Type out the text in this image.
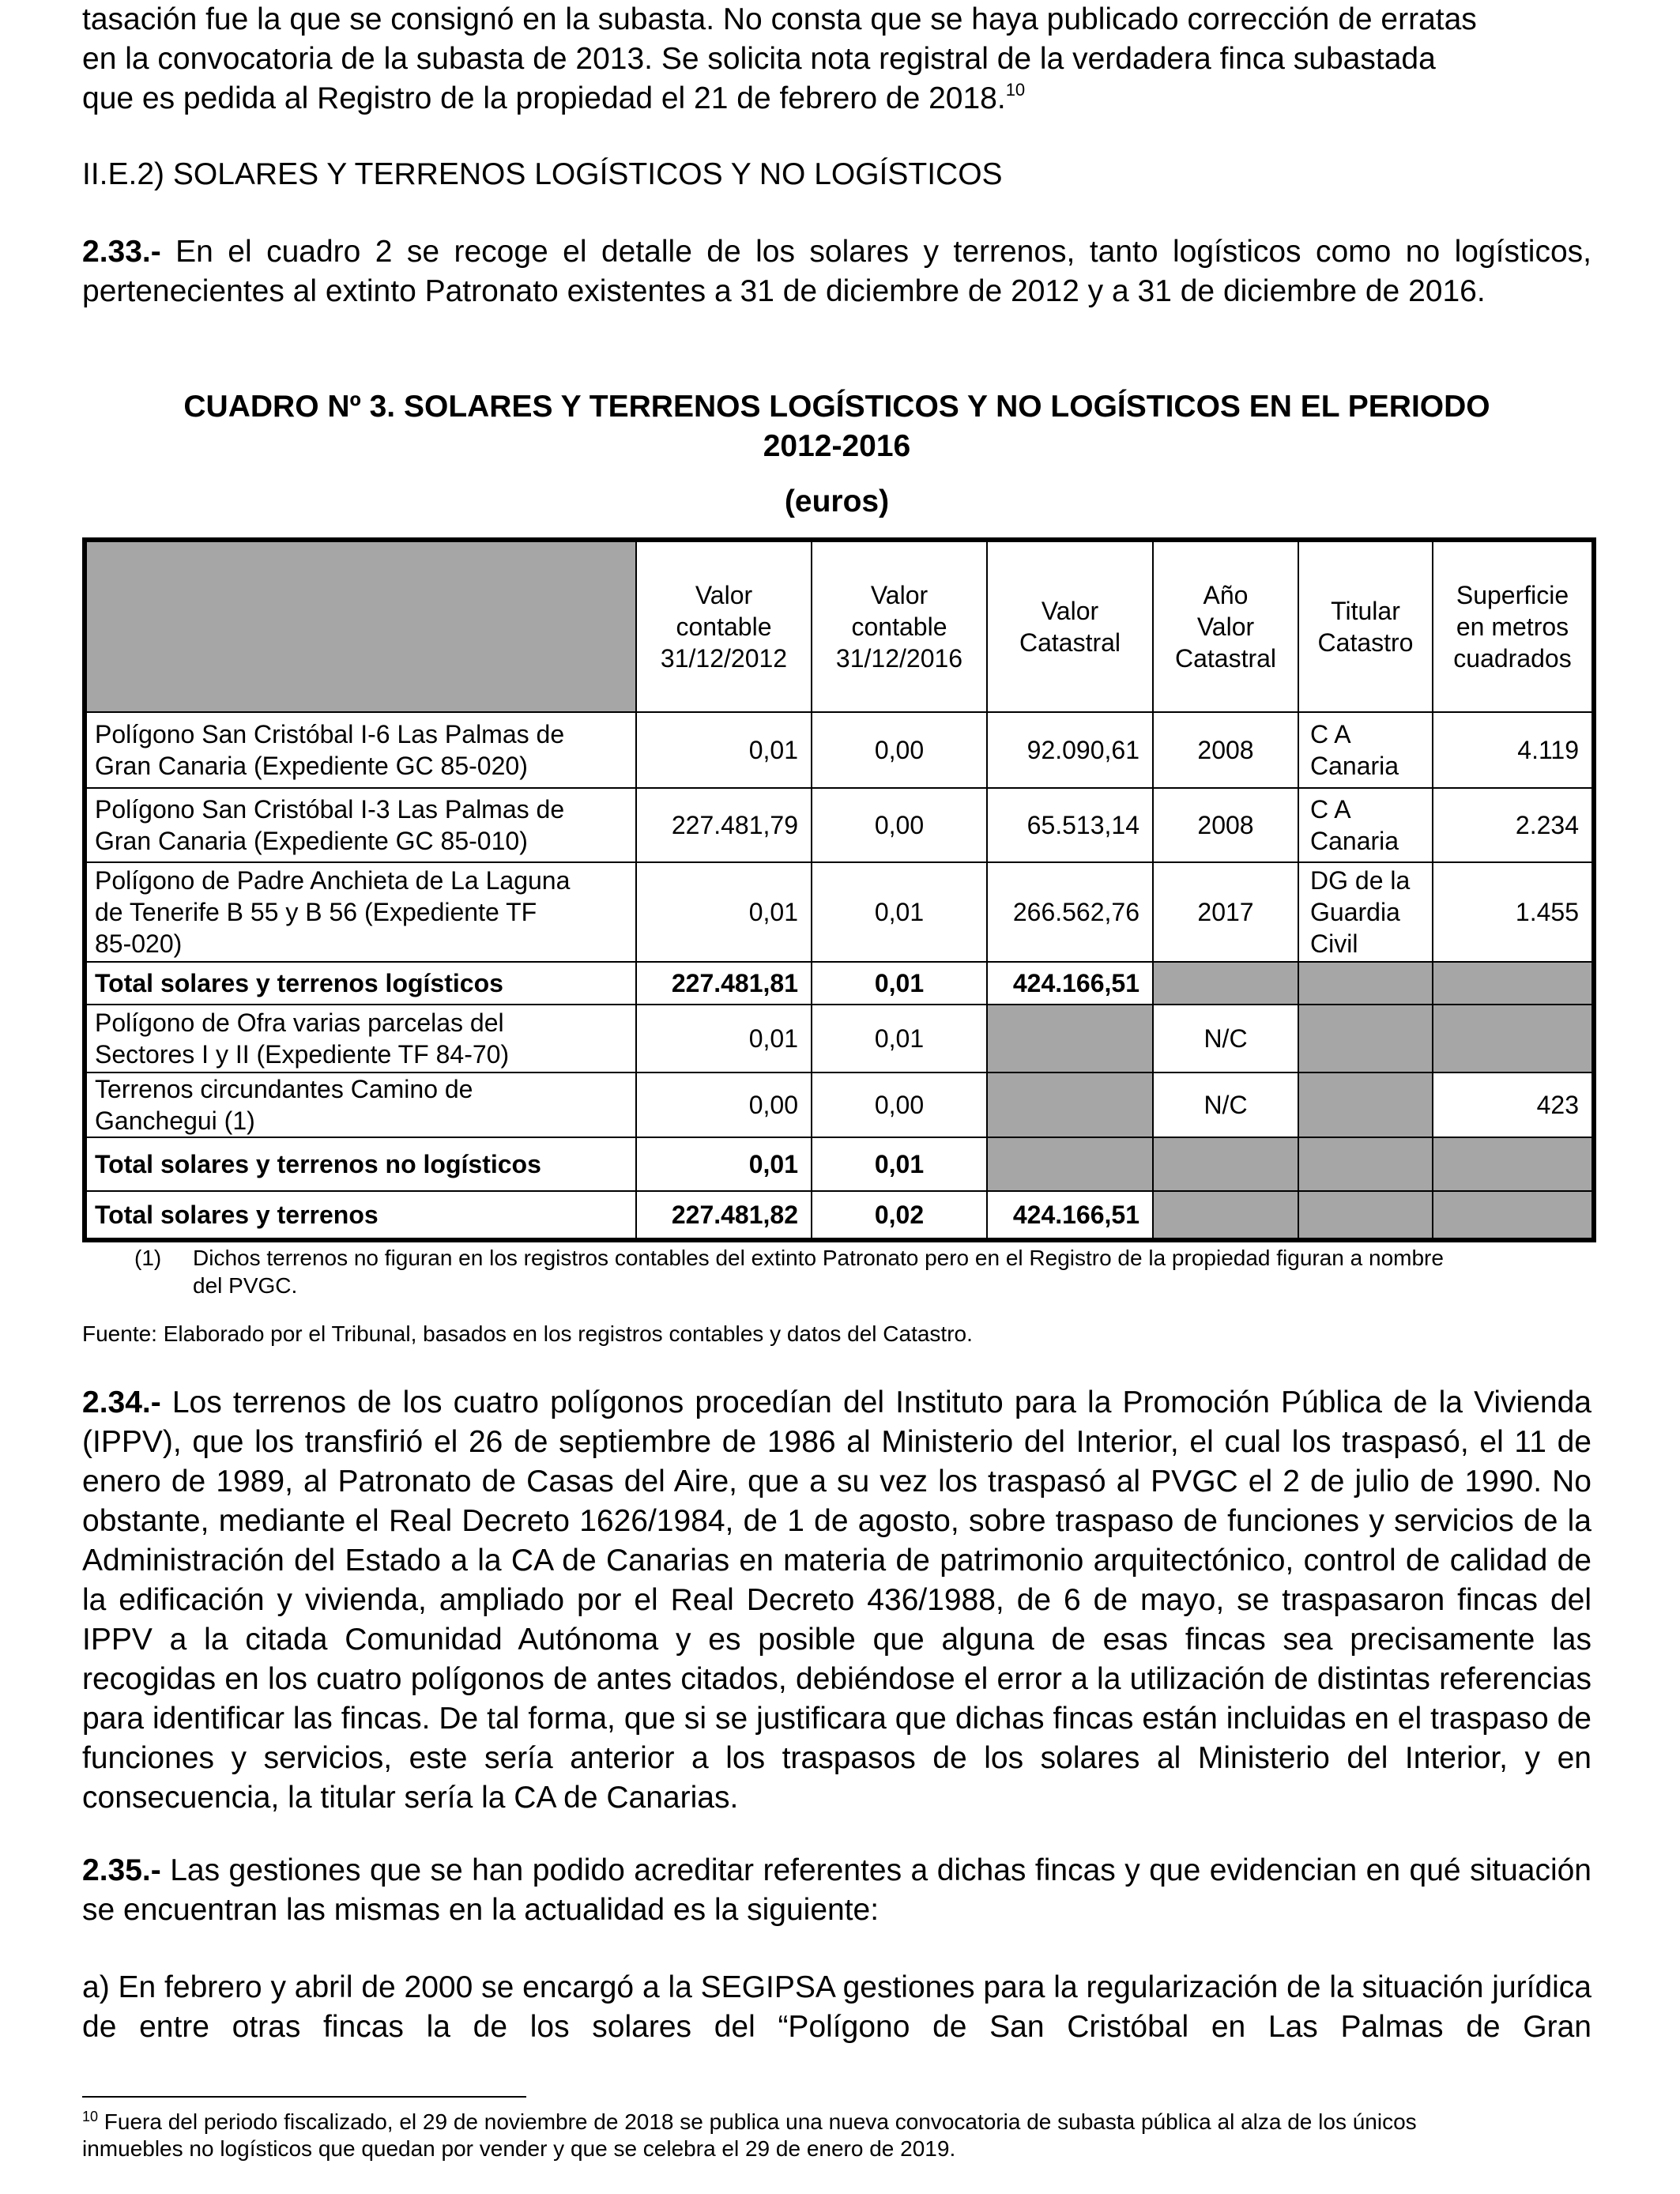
tasación fue la que se consignó en la subasta. No consta que se haya publicado corrección de erratas
en la convocatoria de la subasta de 2013. Se solicita nota registral de la verdadera finca subastada
que es pedida al Registro de la propiedad el 21 de febrero de 2018.10

II.E.2) SOLARES Y TERRENOS LOGÍSTICOS Y NO LOGÍSTICOS

2.33.- En el cuadro 2 se recoge el detalle de los solares y terrenos, tanto logísticos como no logísticos, pertenecientes al extinto Patronato existentes a 31 de diciembre de 2012 y a 31 de diciembre de 2016.

CUADRO Nº 3. SOLARES Y TERRENOS LOGÍSTICOS Y NO LOGÍSTICOS EN EL PERIODO
2012-2016

(euros)

	Valor
contable
31/12/2012	Valor
contable
31/12/2016	Valor
Catastral	Año
Valor
Catastral	Titular
Catastro	Superficie
en metros
cuadrados
Polígono San Cristóbal I-6 Las Palmas de
Gran Canaria (Expediente GC 85-020)	0,01	0,00	92.090,61	2008	C A
Canaria	4.119
Polígono San Cristóbal I-3 Las Palmas de
Gran Canaria (Expediente GC 85-010)	227.481,79	0,00	65.513,14	2008	C A
Canaria	2.234
Polígono de Padre Anchieta de La Laguna
de Tenerife B 55 y B 56 (Expediente TF
85-020)	0,01	0,01	266.562,76	2017	DG de la
Guardia
Civil	1.455
Total solares y terrenos logísticos	227.481,81	0,01	424.166,51			
Polígono de Ofra varias parcelas del
Sectores I y II (Expediente TF 84-70)	0,01	0,01		N/C		
Terrenos circundantes Camino de
Ganchegui (1)	0,00	0,00		N/C		423
Total solares y terrenos no logísticos	0,01	0,01				
Total solares y terrenos	227.481,82	0,02	424.166,51			
(1) Dichos terrenos no figuran en los registros contables del extinto Patronato pero en el Registro de la propiedad figuran a nombre
del PVGC.

Fuente: Elaborado por el Tribunal, basados en los registros contables y datos del Catastro.

2.34.- Los terrenos de los cuatro polígonos procedían del Instituto para la Promoción Pública de la Vivienda (IPPV), que los transfirió el 26 de septiembre de 1986 al Ministerio del Interior, el cual los traspasó, el 11 de enero de 1989, al Patronato de Casas del Aire, que a su vez los traspasó al PVGC el 2 de julio de 1990. No obstante, mediante el Real Decreto 1626/1984, de 1 de agosto, sobre traspaso de funciones y servicios de la Administración del Estado a la CA de Canarias en materia de patrimonio arquitectónico, control de calidad de la edificación y vivienda, ampliado por el Real Decreto 436/1988, de 6 de mayo, se traspasaron fincas del IPPV a la citada Comunidad Autónoma y es posible que alguna de esas fincas sea precisamente las recogidas en los cuatro polígonos de antes citados, debiéndose el error a la utilización de distintas referencias para identificar las fincas. De tal forma, que si se justificara que dichas fincas están incluidas en el traspaso de funciones y servicios, este sería anterior a los traspasos de los solares al Ministerio del Interior, y en consecuencia, la titular sería la CA de Canarias.

2.35.- Las gestiones que se han podido acreditar referentes a dichas fincas y que evidencian en qué situación se encuentran las mismas en la actualidad es la siguiente:

a) En febrero y abril de 2000 se encargó a la SEGIPSA gestiones para la regularización de la situación jurídica de entre otras fincas la de los solares del “Polígono de San Cristóbal en Las Palmas de Gran

$^{10}$ Fuera del periodo fiscalizado, el 29 de noviembre de 2018 se publica una nueva convocatoria de subasta pública al alza de los únicos
inmuebles no logísticos que quedan por vender y que se celebra el 29 de enero de 2019.
